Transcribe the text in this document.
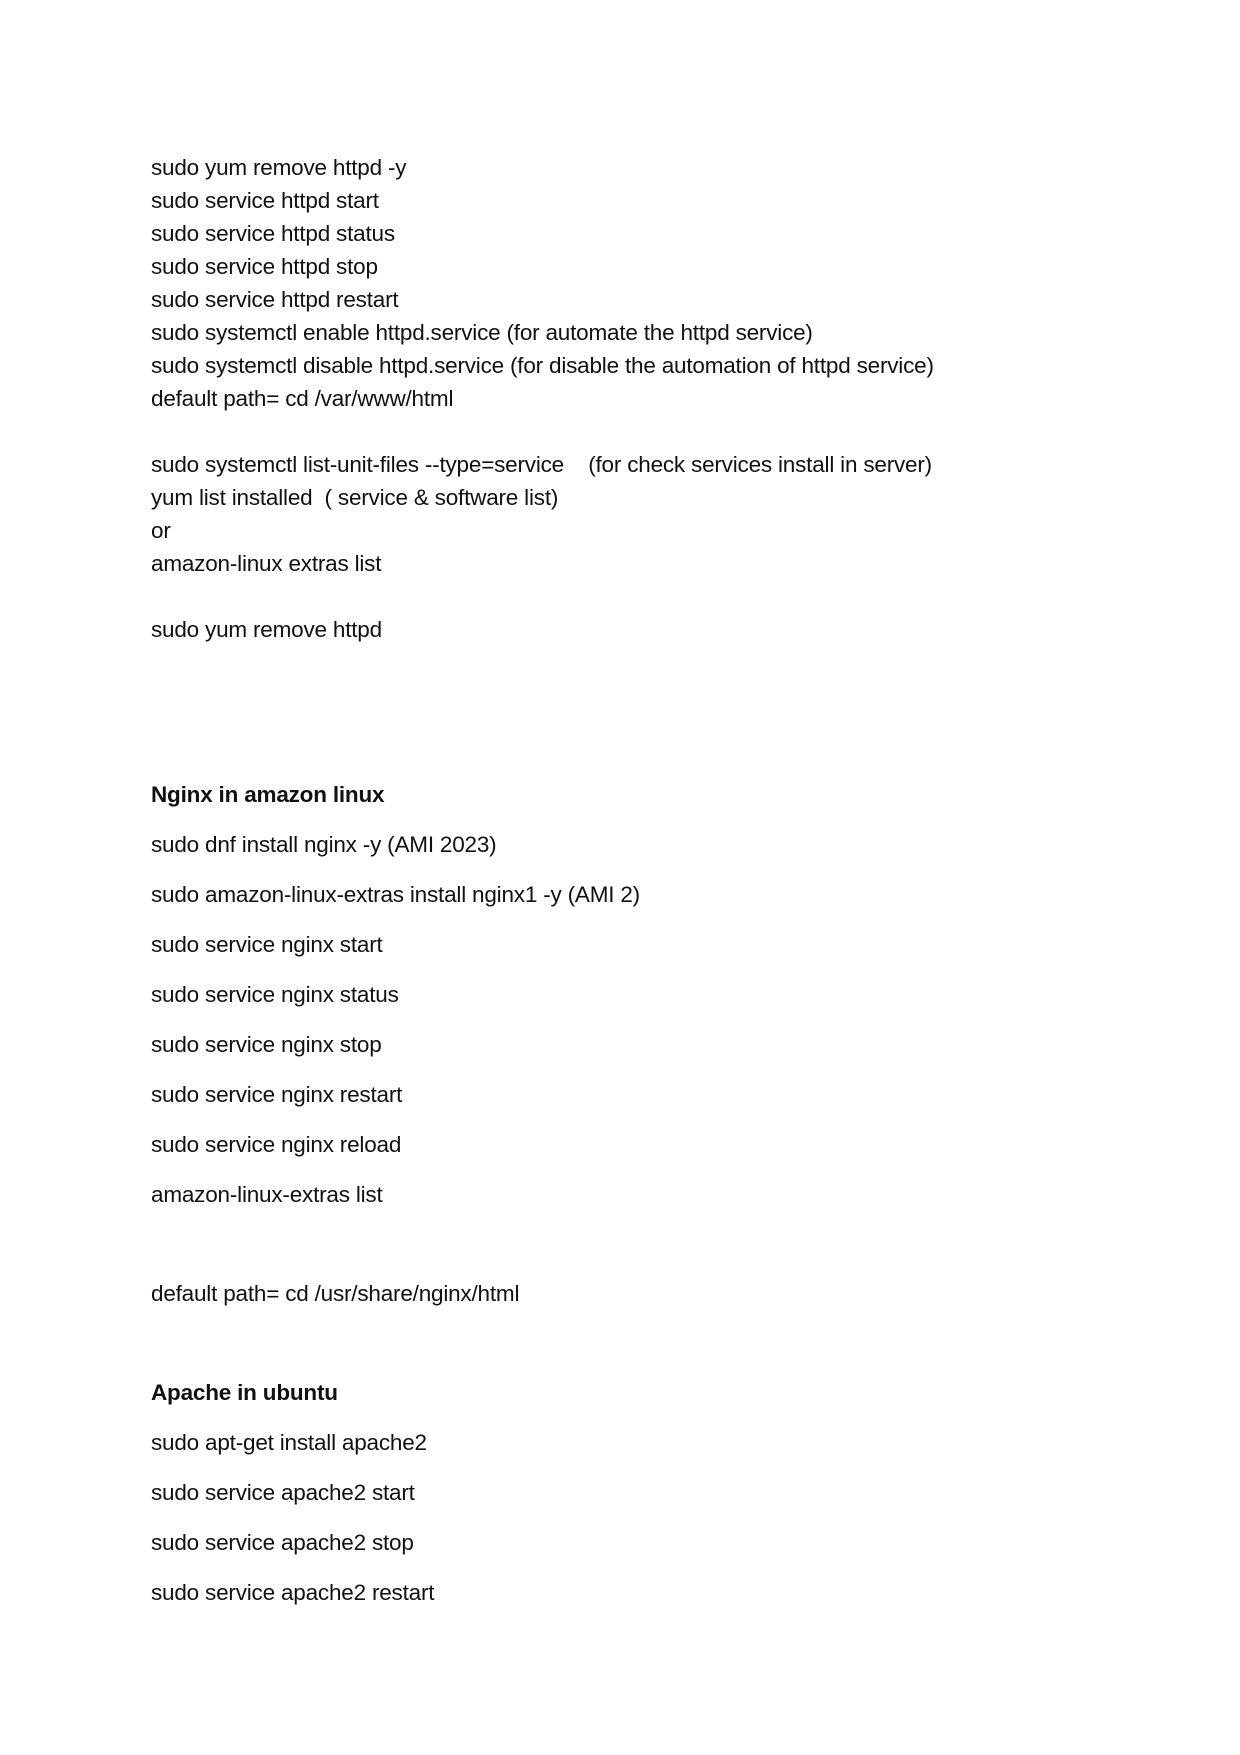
sudo yum remove httpd -y
sudo service httpd start
sudo service httpd status
sudo service httpd stop
sudo service httpd restart
sudo systemctl enable httpd.service (for automate the httpd service)
sudo systemctl disable httpd.service (for disable the automation of httpd service)
default path= cd /var/www/html
sudo systemctl list-unit-files --type=service    (for check services install in server)
yum list installed  ( service & software list)
or
amazon-linux extras list
sudo yum remove httpd
Nginx in amazon linux
sudo dnf install nginx -y (AMI 2023)
sudo amazon-linux-extras install nginx1 -y (AMI 2)
sudo service nginx start
sudo service nginx status
sudo service nginx stop
sudo service nginx restart
sudo service nginx reload
amazon-linux-extras list
default path= cd /usr/share/nginx/html
Apache in ubuntu
sudo apt-get install apache2
sudo service apache2 start
sudo service apache2 stop
sudo service apache2 restart
